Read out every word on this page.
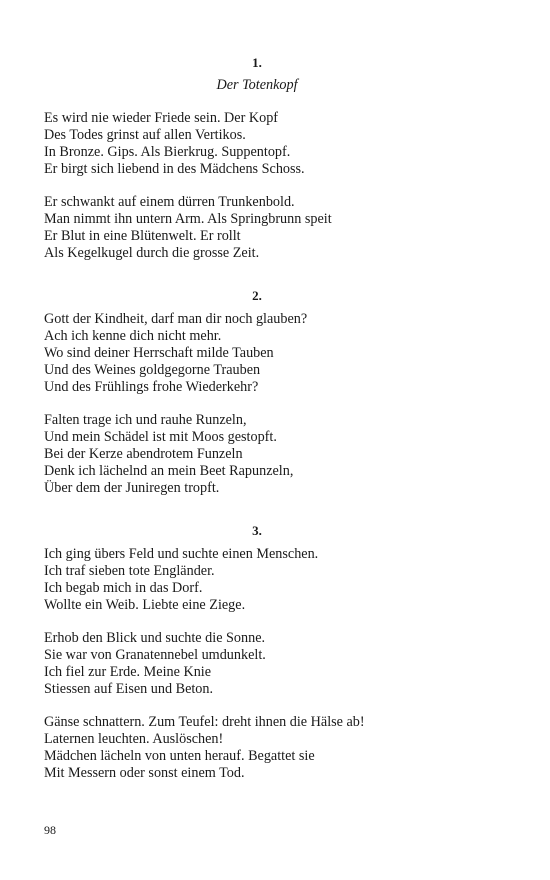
1.
Der Totenkopf
Es wird nie wieder Friede sein. Der Kopf
Des Todes grinst auf allen Vertikos.
In Bronze. Gips. Als Bierkrug. Suppentopf.
Er birgt sich liebend in des Mädchens Schoss.
Er schwankt auf einem dürren Trunkenbold.
Man nimmt ihn untern Arm. Als Springbrunn speit
Er Blut in eine Blütenwelt. Er rollt
Als Kegelkugel durch die grosse Zeit.
2.
Gott der Kindheit, darf man dir noch glauben?
Ach ich kenne dich nicht mehr.
Wo sind deiner Herrschaft milde Tauben
Und des Weines goldgegorne Trauben
Und des Frühlings frohe Wiederkehr?
Falten trage ich und rauhe Runzeln,
Und mein Schädel ist mit Moos gestopft.
Bei der Kerze abendrotem Funzeln
Denk ich lächelnd an mein Beet Rapunzeln,
Über dem der Juniregen tropft.
3.
Ich ging übers Feld und suchte einen Menschen.
Ich traf sieben tote Engländer.
Ich begab mich in das Dorf.
Wollte ein Weib. Liebte eine Ziege.
Erhob den Blick und suchte die Sonne.
Sie war von Granatennebel umdunkelt.
Ich fiel zur Erde. Meine Knie
Stiessen auf Eisen und Beton.
Gänse schnattern. Zum Teufel: dreht ihnen die Hälse ab!
Laternen leuchten. Auslöschen!
Mädchen lächeln von unten herauf. Begattet sie
Mit Messern oder sonst einem Tod.
98
